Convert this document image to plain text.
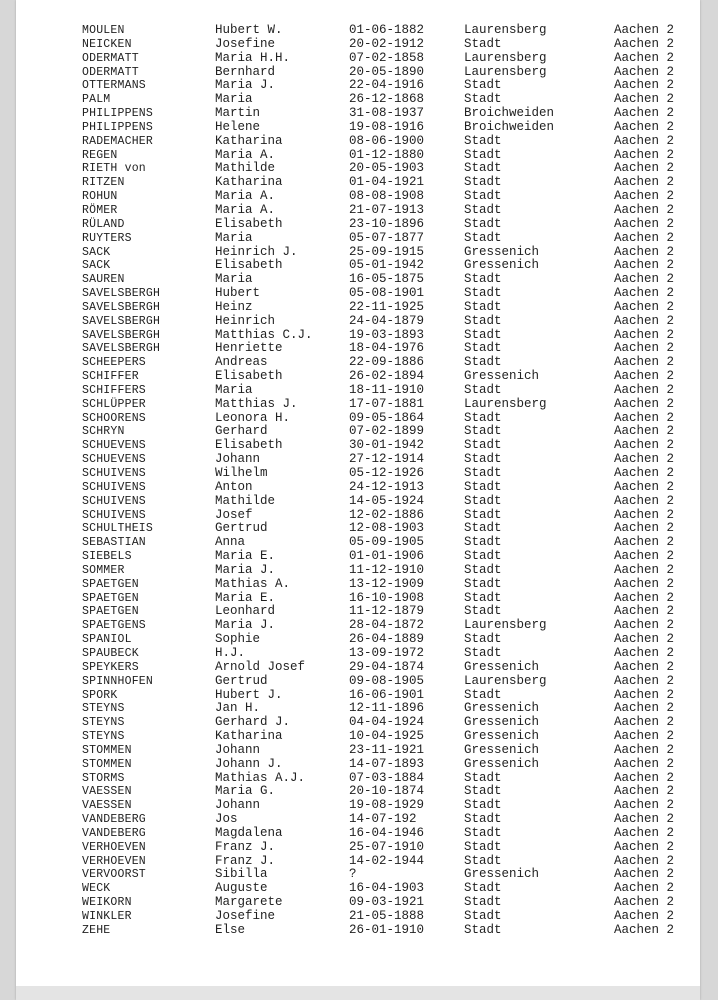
MOULEN	Hubert W.	01-06-1882	Laurensberg	Aachen 2
NEICKEN	Josefine	20-02-1912	Stadt	Aachen 2
ODERMATT	Maria H.H.	07-02-1858	Laurensberg	Aachen 2
ODERMATT	Bernhard	20-05-1890	Laurensberg	Aachen 2
OTTERMANS	Maria J.	22-04-1916	Stadt	Aachen 2
PALM	Maria	26-12-1868	Stadt	Aachen 2
PHILIPPENS	Martin	31-08-1937	Broichweiden	Aachen 2
PHILIPPENS	Helene	19-08-1916	Broichweiden	Aachen 2
RADEMACHER	Katharina	08-06-1900	Stadt	Aachen 2
REGEN	Maria A.	01-12-1880	Stadt	Aachen 2
RIETH von	Mathilde	20-05-1903	Stadt	Aachen 2
RITZEN	Katharina	01-04-1921	Stadt	Aachen 2
ROHUN	Maria A.	08-08-1908	Stadt	Aachen 2
RÖMER	Maria A.	21-07-1913	Stadt	Aachen 2
RÜLAND	Elisabeth	23-10-1896	Stadt	Aachen 2
RUYTERS	Maria	05-07-1877	Stadt	Aachen 2
SACK	Heinrich J.	25-09-1915	Gressenich	Aachen 2
SACK	Elisabeth	05-01-1942	Gressenich	Aachen 2
SAUREN	Maria	16-05-1875	Stadt	Aachen 2
SAVELSBERGH	Hubert	05-08-1901	Stadt	Aachen 2
SAVELSBERGH	Heinz	22-11-1925	Stadt	Aachen 2
SAVELSBERGH	Heinrich	24-04-1879	Stadt	Aachen 2
SAVELSBERGH	Matthias C.J.	19-03-1893	Stadt	Aachen 2
SAVELSBERGH	Henriette	18-04-1976	Stadt	Aachen 2
SCHEEPERS	Andreas	22-09-1886	Stadt	Aachen 2
SCHIFFER	Elisabeth	26-02-1894	Gressenich	Aachen 2
SCHIFFERS	Maria	18-11-1910	Stadt	Aachen 2
SCHLÜPPER	Matthias J.	17-07-1881	Laurensberg	Aachen 2
SCHOORENS	Leonora H.	09-05-1864	Stadt	Aachen 2
SCHRYN	Gerhard	07-02-1899	Stadt	Aachen 2
SCHUEVENS	Elisabeth	30-01-1942	Stadt	Aachen 2
SCHUEVENS	Johann	27-12-1914	Stadt	Aachen 2
SCHUIVENS	Wilhelm	05-12-1926	Stadt	Aachen 2
SCHUIVENS	Anton	24-12-1913	Stadt	Aachen 2
SCHUIVENS	Mathilde	14-05-1924	Stadt	Aachen 2
SCHUIVENS	Josef	12-02-1886	Stadt	Aachen 2
SCHULTHEIS	Gertrud	12-08-1903	Stadt	Aachen 2
SEBASTIAN	Anna	05-09-1905	Stadt	Aachen 2
SIEBELS	Maria E.	01-01-1906	Stadt	Aachen 2
SOMMER	Maria J.	11-12-1910	Stadt	Aachen 2
SPAETGEN	Mathias A.	13-12-1909	Stadt	Aachen 2
SPAETGEN	Maria E.	16-10-1908	Stadt	Aachen 2
SPAETGEN	Leonhard	11-12-1879	Stadt	Aachen 2
SPAETGENS	Maria J.	28-04-1872	Laurensberg	Aachen 2
SPANIOL	Sophie	26-04-1889	Stadt	Aachen 2
SPAUBECK	H.J.	13-09-1972	Stadt	Aachen 2
SPEYKERS	Arnold Josef	29-04-1874	Gressenich	Aachen 2
SPINNHOFEN	Gertrud	09-08-1905	Laurensberg	Aachen 2
SPORK	Hubert J.	16-06-1901	Stadt	Aachen 2
STEYNS	Jan H.	12-11-1896	Gressenich	Aachen 2
STEYNS	Gerhard J.	04-04-1924	Gressenich	Aachen 2
STEYNS	Katharina	10-04-1925	Gressenich	Aachen 2
STOMMEN	Johann	23-11-1921	Gressenich	Aachen 2
STOMMEN	Johann J.	14-07-1893	Gressenich	Aachen 2
STORMS	Mathias A.J.	07-03-1884	Stadt	Aachen 2
VAESSEN	Maria G.	20-10-1874	Stadt	Aachen 2
VAESSEN	Johann	19-08-1929	Stadt	Aachen 2
VANDEBERG	Jos	14-07-192	Stadt	Aachen 2
VANDEBERG	Magdalena	16-04-1946	Stadt	Aachen 2
VERHOEVEN	Franz J.	25-07-1910	Stadt	Aachen 2
VERHOEVEN	Franz J.	14-02-1944	Stadt	Aachen 2
VERVOORST	Sibilla	?	Gressenich	Aachen 2
WECK	Auguste	16-04-1903	Stadt	Aachen 2
WEIKORN	Margarete	09-03-1921	Stadt	Aachen 2
WINKLER	Josefine	21-05-1888	Stadt	Aachen 2
ZEHE	Else	26-01-1910	Stadt	Aachen 2
